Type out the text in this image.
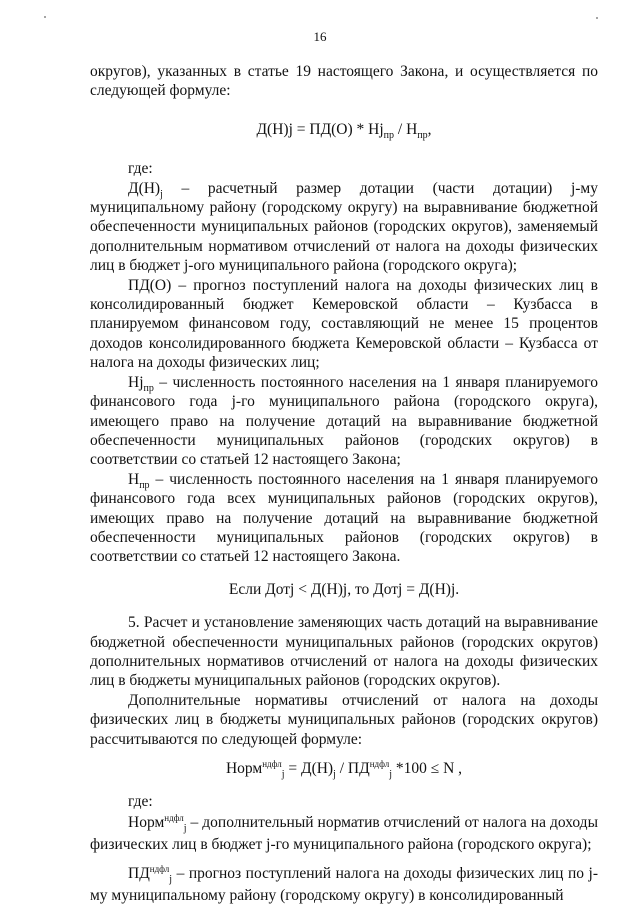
16

округов), указанных в статье 19 настоящего Закона, и осуществляется по следующей формуле:

$Д(Н)j = ПД(О) * Hj_{пр} / H_{пр}$,

где:

$Д(Н)_j$ – расчетный размер дотации (части дотации) j-му муниципальному району (городскому округу) на выравнивание бюджетной обеспеченности муниципальных районов (городских округов), заменяемый дополнительным нормативом отчислений от налога на доходы физических лиц в бюджет j-ого муниципального района (городского округа);

ПД(О) – прогноз поступлений налога на доходы физических лиц в консолидированный бюджет Кемеровской области – Кузбасса в планируемом финансовом году, составляющий не менее 15 процентов доходов консолидированного бюджета Кемеровской области – Кузбасса от налога на доходы физических лиц;

$Hj_{пр}$ – численность постоянного населения на 1 января планируемого финансового года j-го муниципального района (городского округа), имеющего право на получение дотаций на выравнивание бюджетной обеспеченности муниципальных районов (городских округов) в соответствии со статьей 12 настоящего Закона;

$H_{пр}$ – численность постоянного населения на 1 января планируемого финансового года всех муниципальных районов (городских округов), имеющих право на получение дотаций на выравнивание бюджетной обеспеченности муниципальных районов (городских округов) в соответствии со статьей 12 настоящего Закона.

Если Дотj < Д(Н)j, то Дотj = Д(Н)j.

5. Расчет и установление заменяющих часть дотаций на выравнивание бюджетной обеспеченности муниципальных районов (городских округов) дополнительных нормативов отчислений от налога на доходы физических лиц в бюджеты муниципальных районов (городских округов).

Дополнительные нормативы отчислений от налога на доходы физических лиц в бюджеты муниципальных районов (городских округов) рассчитываются по следующей формуле:

Норм$^{ндфл}_j$ = $Д(Н)_j / ПД^{ндфл}_j$ *100 ≤ N ,

где:

Норм$^{ндфл}_j$ – дополнительный норматив отчислений от налога на доходы физических лиц в бюджет j-го муниципального района (городского округа);

$ПД^{ндфл}_j$ – прогноз поступлений налога на доходы физических лиц по j-му муниципальному району (городскому округу) в консолидированный
